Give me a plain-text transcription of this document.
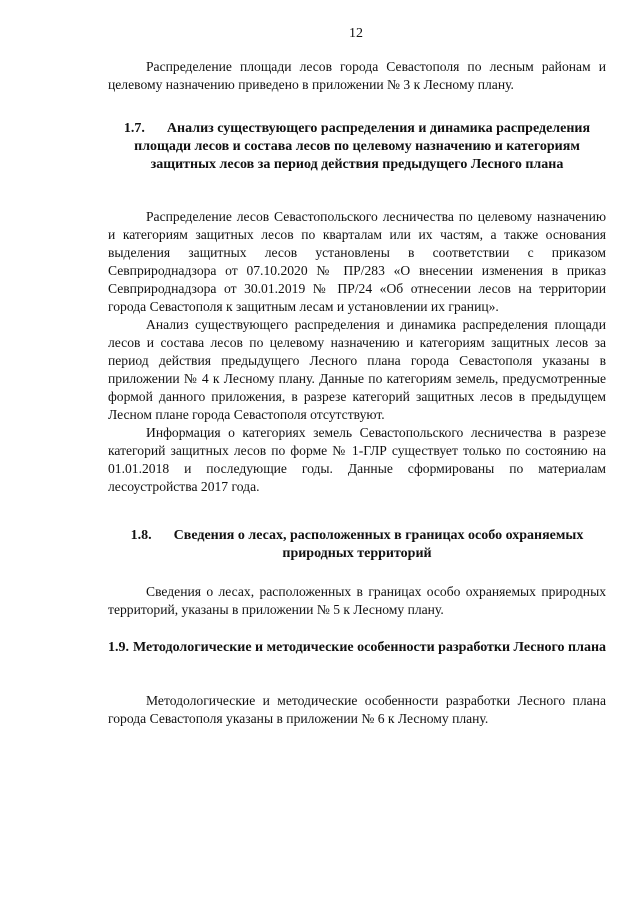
12

Распределение площади лесов города Севастополя по лесным районам и целевому назначению приведено в приложении № 3 к Лесному плану.

1.7. Анализ существующего распределения и динамика распределения площади лесов и состава лесов по целевому назначению и категориям защитных лесов за период действия предыдущего Лесного плана

Распределение лесов Севастопольского лесничества по целевому назначению и категориям защитных лесов по кварталам или их частям, а также основания выделения защитных лесов установлены в соответствии с приказом Севприроднадзора от 07.10.2020 № ПР/283 «О внесении изменения в приказ Севприроднадзора от 30.01.2019 № ПР/24 «Об отнесении лесов на территории города Севастополя к защитным лесам и установлении их границ».

Анализ существующего распределения и динамика распределения площади лесов и состава лесов по целевому назначению и категориям защитных лесов за период действия предыдущего Лесного плана города Севастополя указаны в приложении № 4 к Лесному плану. Данные по категориям земель, предусмотренные формой данного приложения, в разрезе категорий защитных лесов в предыдущем Лесном плане города Севастополя отсутствуют.

Информация о категориях земель Севастопольского лесничества в разрезе категорий защитных лесов по форме № 1-ГЛР существует только по состоянию на 01.01.2018 и последующие годы. Данные сформированы по материалам лесоустройства 2017 года.

1.8. Сведения о лесах, расположенных в границах особо охраняемых природных территорий

Сведения о лесах, расположенных в границах особо охраняемых природных территорий, указаны в приложении № 5 к Лесному плану.

1.9. Методологические и методические особенности разработки Лесного плана

Методологические и методические особенности разработки Лесного плана города Севастополя указаны в приложении № 6 к Лесному плану.
